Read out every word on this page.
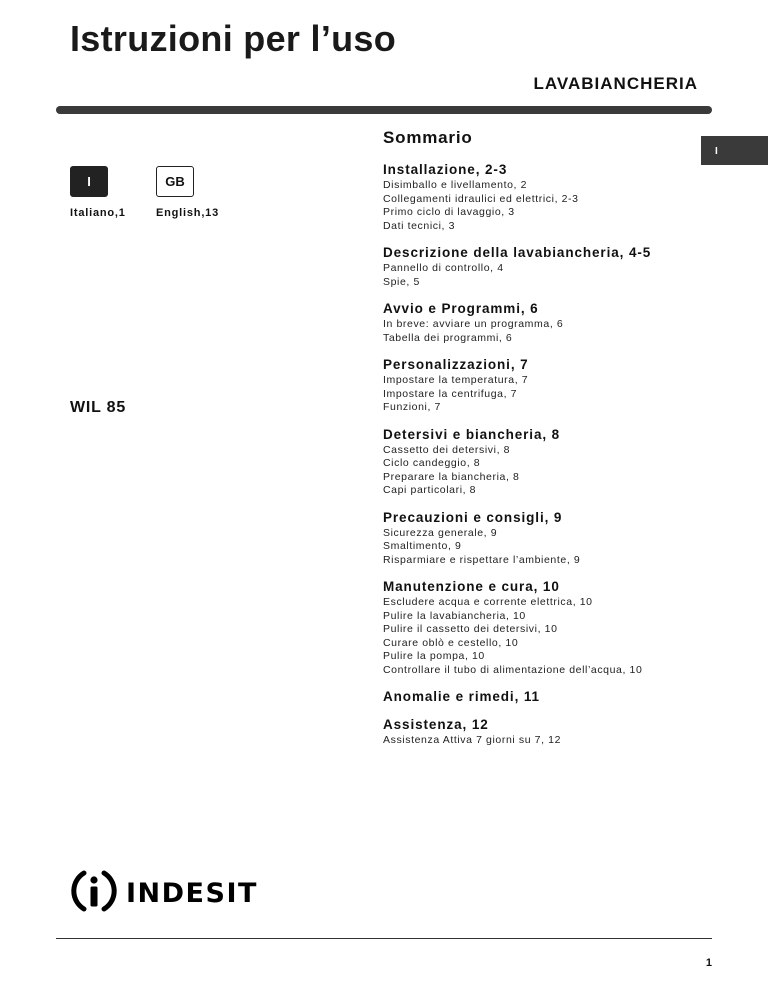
Istruzioni per l’uso
LAVABIANCHERIA
Sommario
I
I	GB
Italiano,1	English,13
WIL 85
Installazione, 2-3
Disimballo e livellamento, 2
Collegamenti idraulici ed elettrici, 2-3
Primo ciclo di lavaggio, 3
Dati tecnici, 3
Descrizione della lavabiancheria, 4-5
Pannello di controllo, 4
Spie, 5
Avvio e Programmi, 6
In breve: avviare un programma, 6
Tabella dei programmi, 6
Personalizzazioni, 7
Impostare la temperatura, 7
Impostare la centrifuga, 7
Funzioni, 7
Detersivi e biancheria, 8
Cassetto dei detersivi, 8
Ciclo candeggio, 8
Preparare la biancheria, 8
Capi particolari, 8
Precauzioni e consigli, 9
Sicurezza generale, 9
Smaltimento, 9
Risparmiare e rispettare l’ambiente, 9
Manutenzione e cura, 10
Escludere acqua e corrente elettrica, 10
Pulire la lavabiancheria, 10
Pulire il cassetto dei detersivi, 10
Curare oblò e cestello, 10
Pulire la pompa, 10
Controllare il tubo di alimentazione dell’acqua, 10
Anomalie e rimedi, 11
Assistenza, 12
Assistenza Attiva 7 giorni su 7, 12
INDESIT
1
